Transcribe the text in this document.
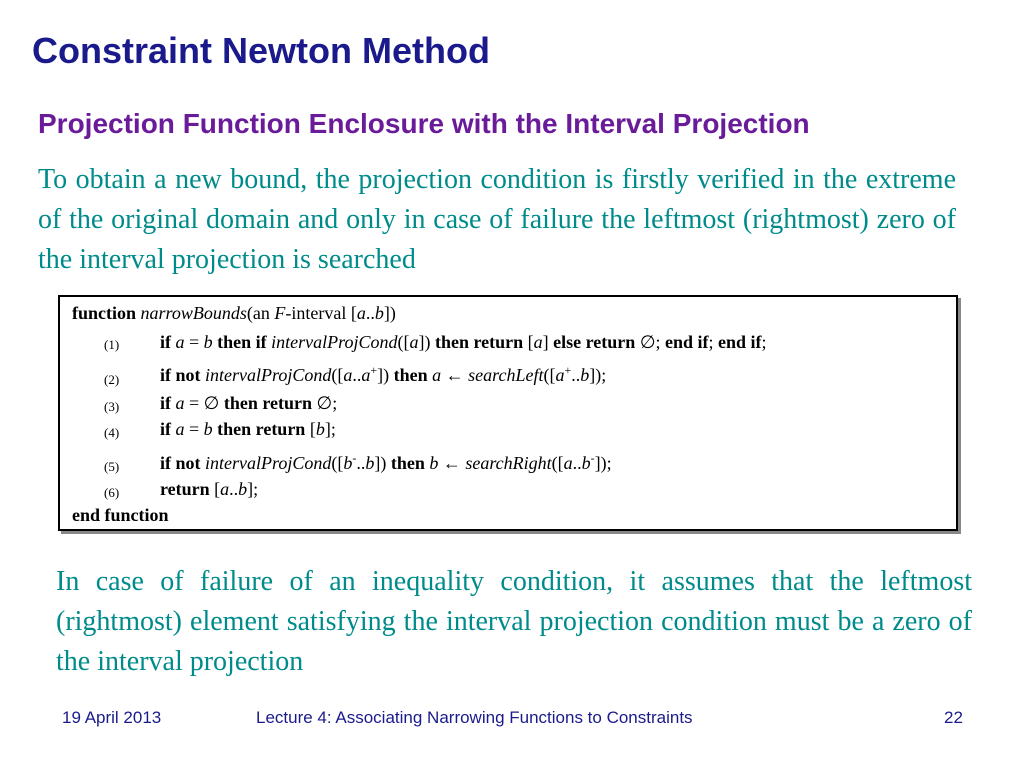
Constraint Newton Method
Projection Function Enclosure with the Interval Projection
To obtain a new bound, the projection condition is firstly verified in the extreme of the original domain and only in case of failure the leftmost (rightmost) zero of the interval projection is searched
function narrowBounds(an F-interval [a..b])
(1) if a = b then if intervalProjCond([a]) then return [a] else return ∅; end if; end if;
(2) if not intervalProjCond([a..a+]) then a ← searchLeft([a+..b]);
(3) if a = ∅ then return ∅;
(4) if a = b then return [b];
(5) if not intervalProjCond([b-..b]) then b ← searchRight([a..b-]);
(6) return [a..b];
end function
In case of failure of an inequality condition, it assumes that the leftmost (rightmost) element satisfying the interval projection condition must be a zero of the interval projection
19 April 2013	Lecture 4: Associating Narrowing Functions to Constraints	22
